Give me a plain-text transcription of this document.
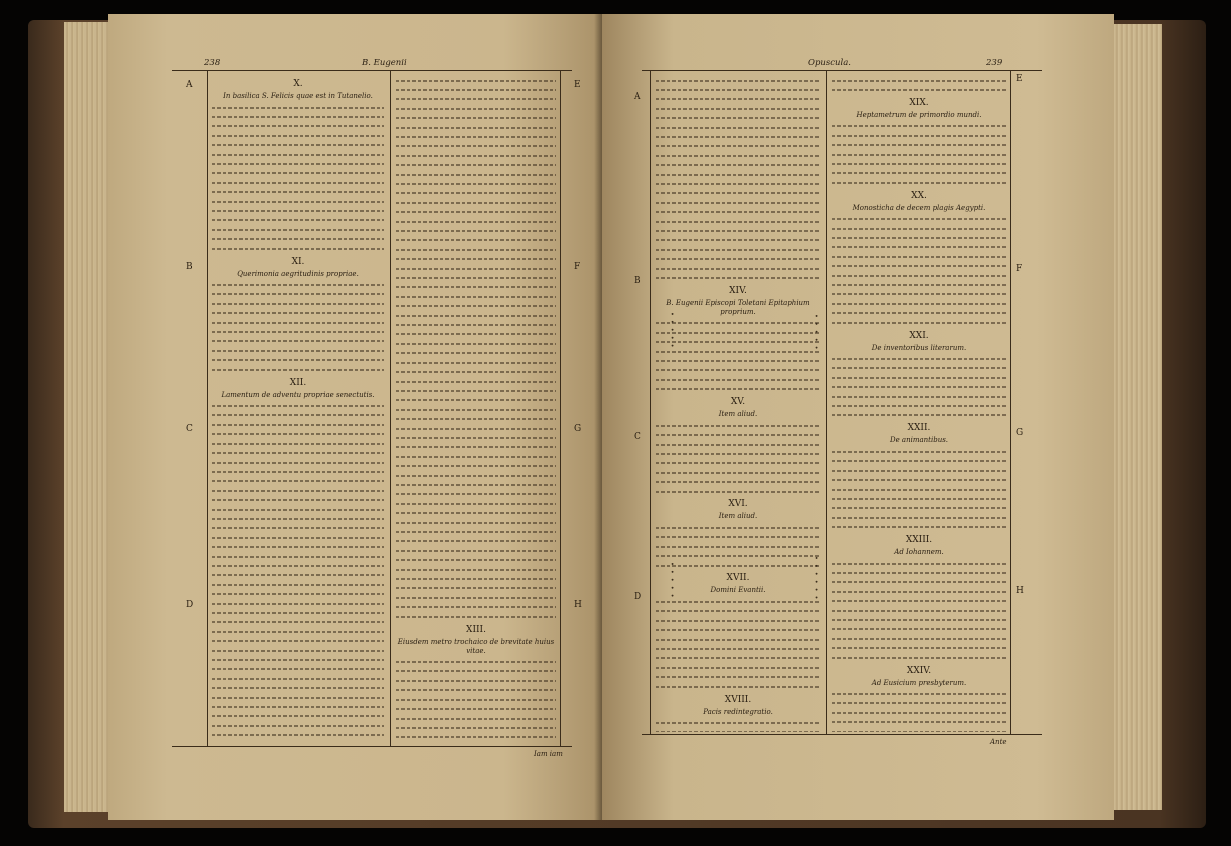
238	B. Eugenii
A
B
C
D
E
F
G
H
X.
In basilica S. Felicis quae est in Tutanelio.
XI.
Querimonia aegritudinis propriae.
XII.
Lamentum de adventu propriae senectutis.
XIII.
Eiusdem metro trochaico de brevitate huius vitae.
Iam iam
Opuscula.	239
A
B
C
D
E
F
G
H
• • • • •	• • • • •
• • • • •	• • • • • •
XIV.
B. Eugenii Episcopi Toletani Epitaphium proprium.
XV.
Item aliud.
XVI.
Item aliud.
XVII.
Domini Evantii.
XVIII.
Pacis redintegratio.
XIX.
Heptametrum de primordio mundi.
XX.
Monosticha de decem plagis Aegypti.
XXI.
De inventoribus literarum.
XXII.
De animantibus.
XXIII.
Ad Iohannem.
XXIV.
Ad Eusicium presbyterum.
Ante
